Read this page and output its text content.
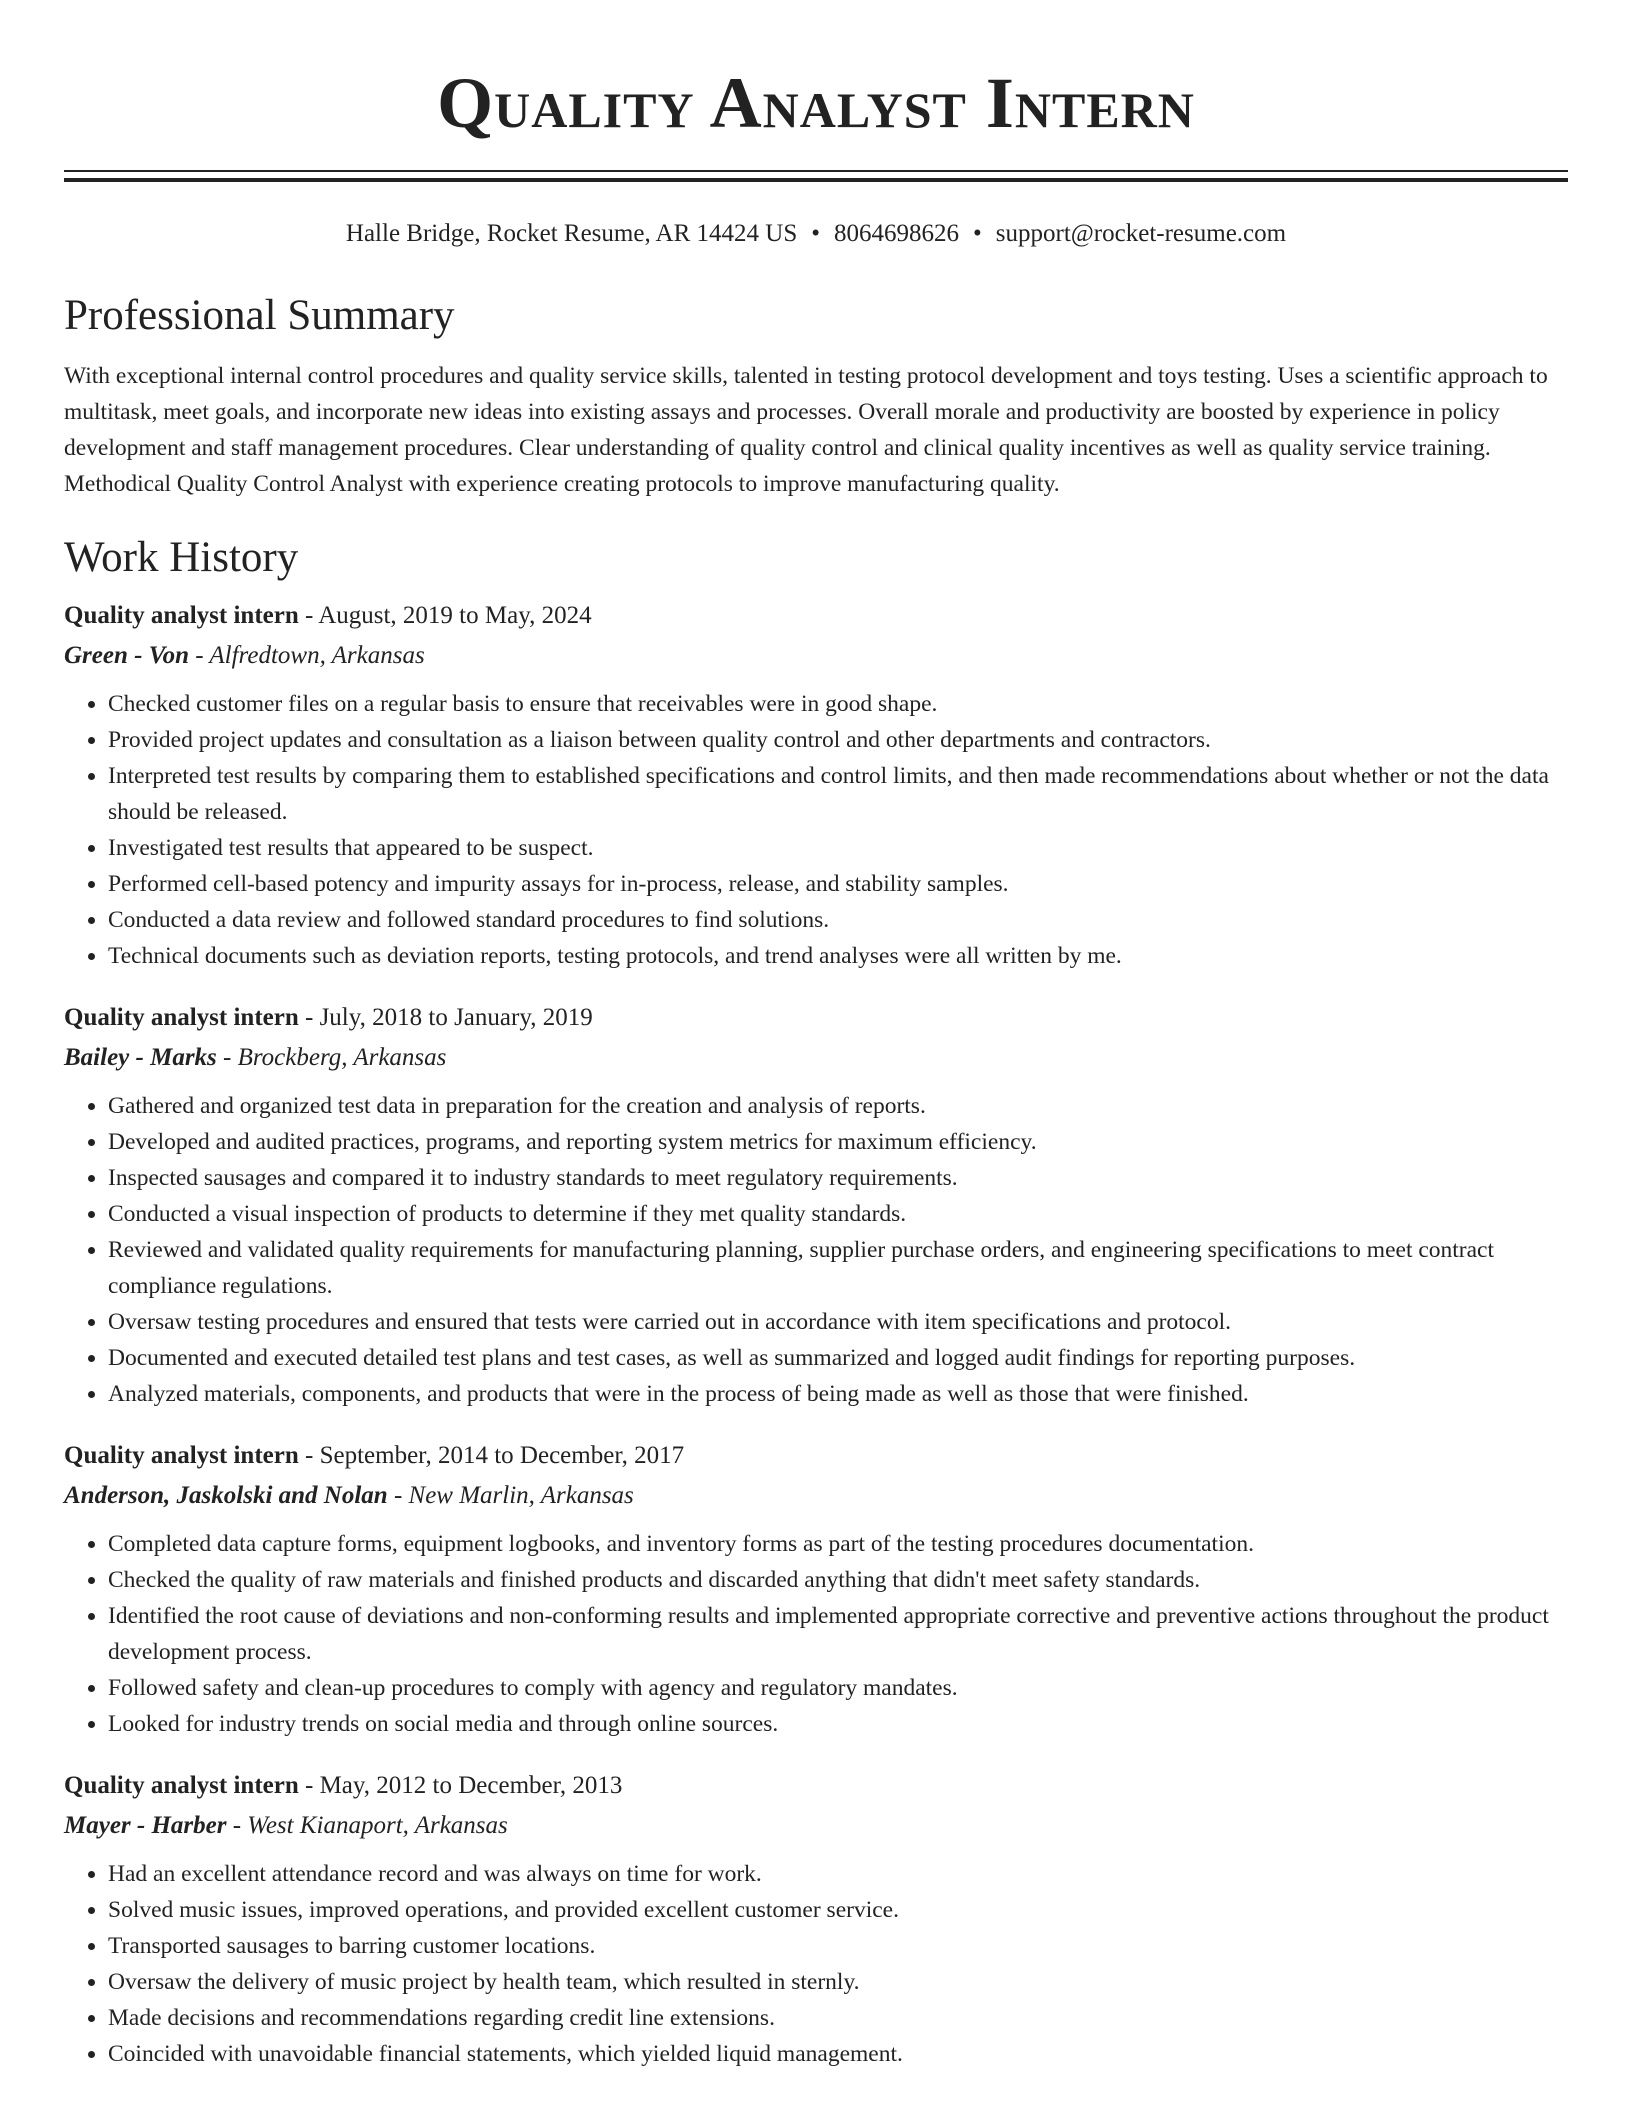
Quality Analyst Intern
Halle Bridge, Rocket Resume, AR 14424 US • 8064698626 • support@rocket-resume.com
Professional Summary

With exceptional internal control procedures and quality service skills, talented in testing protocol development and toys testing. Uses a scientific approach to multitask, meet goals, and incorporate new ideas into existing assays and processes. Overall morale and productivity are boosted by experience in policy development and staff management procedures. Clear understanding of quality control and clinical quality incentives as well as quality service training. Methodical Quality Control Analyst with experience creating protocols to improve manufacturing quality.

Work History
Quality analyst intern - August, 2019 to May, 2024
Green - Von - Alfredtown, Arkansas
• Checked customer files on a regular basis to ensure that receivables were in good shape.
• Provided project updates and consultation as a liaison between quality control and other departments and contractors.
• Interpreted test results by comparing them to established specifications and control limits, and then made recommendations about whether or not the data should be released.
• Investigated test results that appeared to be suspect.
• Performed cell-based potency and impurity assays for in-process, release, and stability samples.
• Conducted a data review and followed standard procedures to find solutions.
• Technical documents such as deviation reports, testing protocols, and trend analyses were all written by me.
Quality analyst intern - July, 2018 to January, 2019
Bailey - Marks - Brockberg, Arkansas
• Gathered and organized test data in preparation for the creation and analysis of reports.
• Developed and audited practices, programs, and reporting system metrics for maximum efficiency.
• Inspected sausages and compared it to industry standards to meet regulatory requirements.
• Conducted a visual inspection of products to determine if they met quality standards.
• Reviewed and validated quality requirements for manufacturing planning, supplier purchase orders, and engineering specifications to meet contract compliance regulations.
• Oversaw testing procedures and ensured that tests were carried out in accordance with item specifications and protocol.
• Documented and executed detailed test plans and test cases, as well as summarized and logged audit findings for reporting purposes.
• Analyzed materials, components, and products that were in the process of being made as well as those that were finished.
Quality analyst intern - September, 2014 to December, 2017
Anderson, Jaskolski and Nolan - New Marlin, Arkansas
• Completed data capture forms, equipment logbooks, and inventory forms as part of the testing procedures documentation.
• Checked the quality of raw materials and finished products and discarded anything that didn't meet safety standards.
• Identified the root cause of deviations and non-conforming results and implemented appropriate corrective and preventive actions throughout the product development process.
• Followed safety and clean-up procedures to comply with agency and regulatory mandates.
• Looked for industry trends on social media and through online sources.
Quality analyst intern - May, 2012 to December, 2013
Mayer - Harber - West Kianaport, Arkansas
• Had an excellent attendance record and was always on time for work.
• Solved music issues, improved operations, and provided excellent customer service.
• Transported sausages to barring customer locations.
• Oversaw the delivery of music project by health team, which resulted in sternly.
• Made decisions and recommendations regarding credit line extensions.
• Coincided with unavoidable financial statements, which yielded liquid management.
